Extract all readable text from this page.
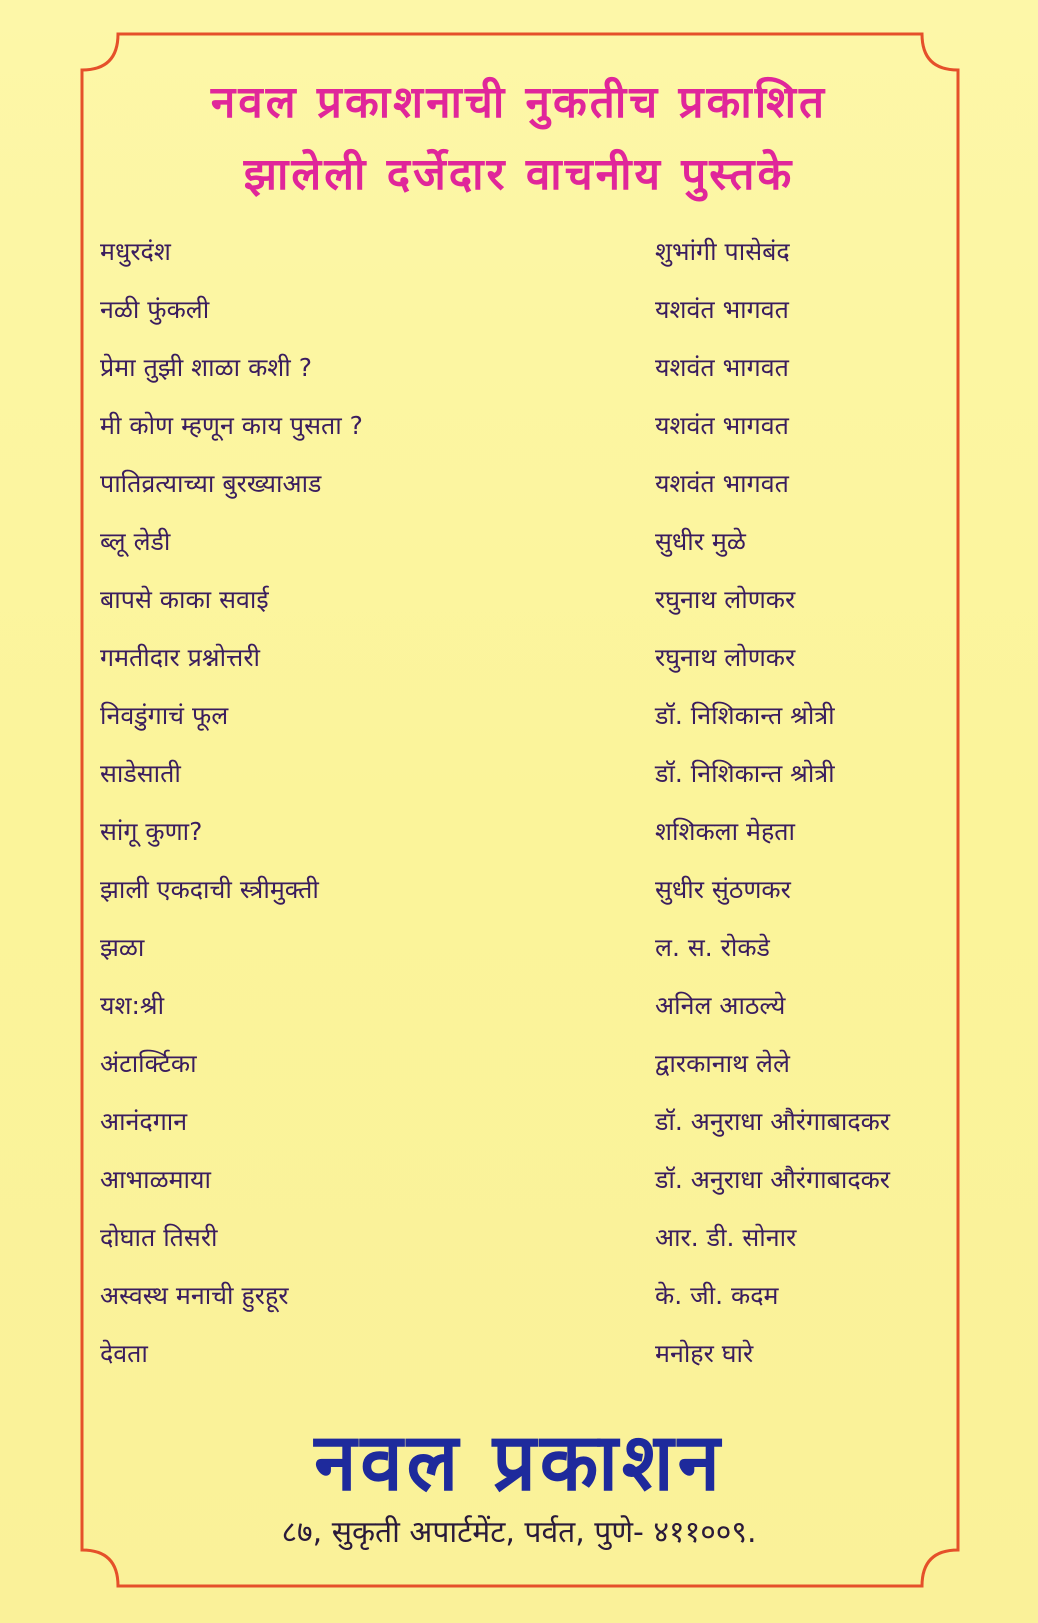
नवल प्रकाशनाची नुकतीच प्रकाशित
झालेली दर्जेदार वाचनीय पुस्तके
मधुरदंश	शुभांगी पासेबंद
नळी फुंकली	यशवंत भागवत
प्रेमा तुझी शाळा कशी ?	यशवंत भागवत
मी कोण म्हणून काय पुसता ?	यशवंत भागवत
पातिव्रत्याच्या बुरख्याआड	यशवंत भागवत
ब्लू लेडी	सुधीर मुळे
बापसे काका सवाई	रघुनाथ लोणकर
गमतीदार प्रश्नोत्तरी	रघुनाथ लोणकर
निवडुंगाचं फूल	डॉ. निशिकान्त श्रोत्री
साडेसाती	डॉ. निशिकान्त श्रोत्री
सांगू कुणा?	शशिकला मेहता
झाली एकदाची स्त्रीमुक्ती	सुधीर सुंठणकर
झळा	ल. स. रोकडे
यश:श्री	अनिल आठल्ये
अंटार्क्टिका	द्वारकानाथ लेले
आनंदगान	डॉ. अनुराधा औरंगाबादकर
आभाळमाया	डॉ. अनुराधा औरंगाबादकर
दोघात तिसरी	आर. डी. सोनार
अस्वस्थ मनाची हुरहूर	के. जी. कदम
देवता	मनोहर घारे
नवल प्रकाशन
८७, सुकृती अपार्टमेंट, पर्वत, पुणे- ४११००९.
